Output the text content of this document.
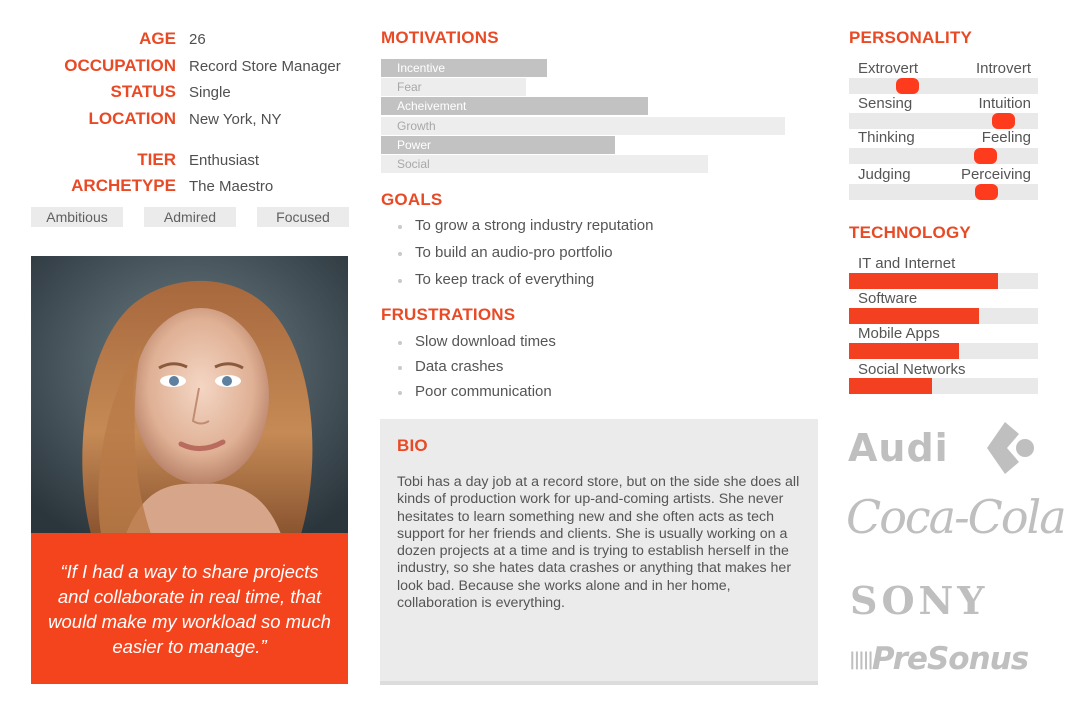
AGE 26
OCCUPATION Record Store Manager
STATUS Single
LOCATION New York, NY
TIER Enthusiast
ARCHETYPE The Maestro
Ambitious	Admired	Focused
“If I had a way to share projects and collaborate in real time, that would make my workload so much easier to manage.”
MOTIVATIONS
Incentive
Fear
Acheivement
Growth
Power
Social
GOALS
To grow a strong industry reputation
To build an audio-pro portfolio
To keep track of everything
FRUSTRATIONS
Slow download times
Data crashes
Poor communication
BIO
Tobi has a day job at a record store, but on the side she does all kinds of production work for up-and-coming artists. She never hesitates to learn something new and she often acts as tech support for her friends and clients. She is usually working on a dozen projects at a time and is trying to establish herself in the industry, so she hates data crashes or anything that makes her look bad. Because she works alone and in her home, collaboration is everything.
PERSONALITY
Extrovert	Introvert
Sensing	Intuition
Thinking	Feeling
Judging	Perceiving
TECHNOLOGY
IT and Internet
Software
Mobile Apps
Social Networks
Audi
Coca-Cola
SONY
|||||PreSonus
